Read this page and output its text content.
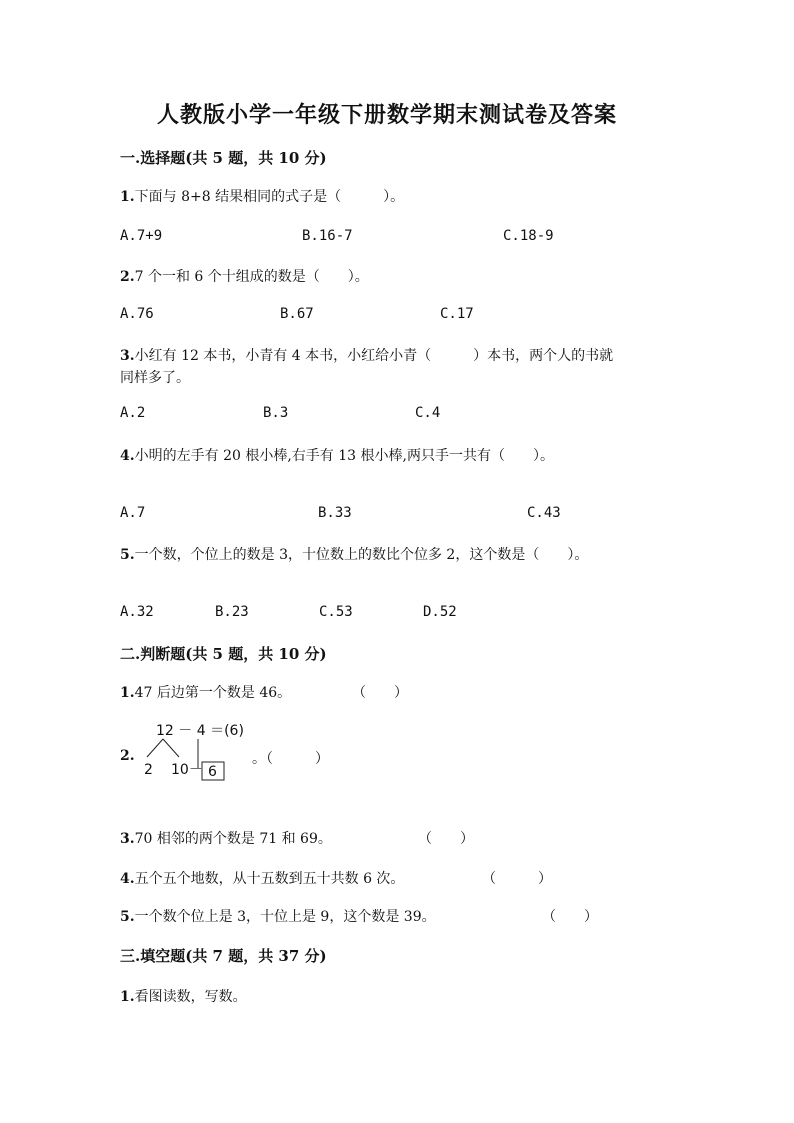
人教版小学一年级下册数学期末测试卷及答案
一.选择题(共 5 题，共 10 分)
1.下面与 8+8 结果相同的式子是（　　　）。
A.7+9	B.16-7	C.18-9
2.7 个一和 6 个十组成的数是（　　）。
A.76	B.67	C.17
3.小红有 12 本书，小青有 4 本书，小红给小青（　　　）本书，两个人的书就
同样多了。
A.2	B.3	C.4
4.小明的左手有 20 根小棒,右手有 13 根小棒,两只手一共有（　　）。
A.7	B.33	C.43
5.一个数，个位上的数是 3，十位数上的数比个位多 2，这个数是（　　）。
A.32	B.23	C.53	D.52
二.判断题(共 5 题，共 10 分)
1.47 后边第一个数是 46。	（　　）
2.
12 － 4 ＝(6)
2 10－ 6
。（　　　）
3.70 相邻的两个数是 71 和 69。	（　　）
4.五个五个地数，从十五数到五十共数 6 次。	（　　　）
5.一个数个位上是 3，十位上是 9，这个数是 39。	（　　）
三.填空题(共 7 题，共 37 分)
1.看图读数，写数。
